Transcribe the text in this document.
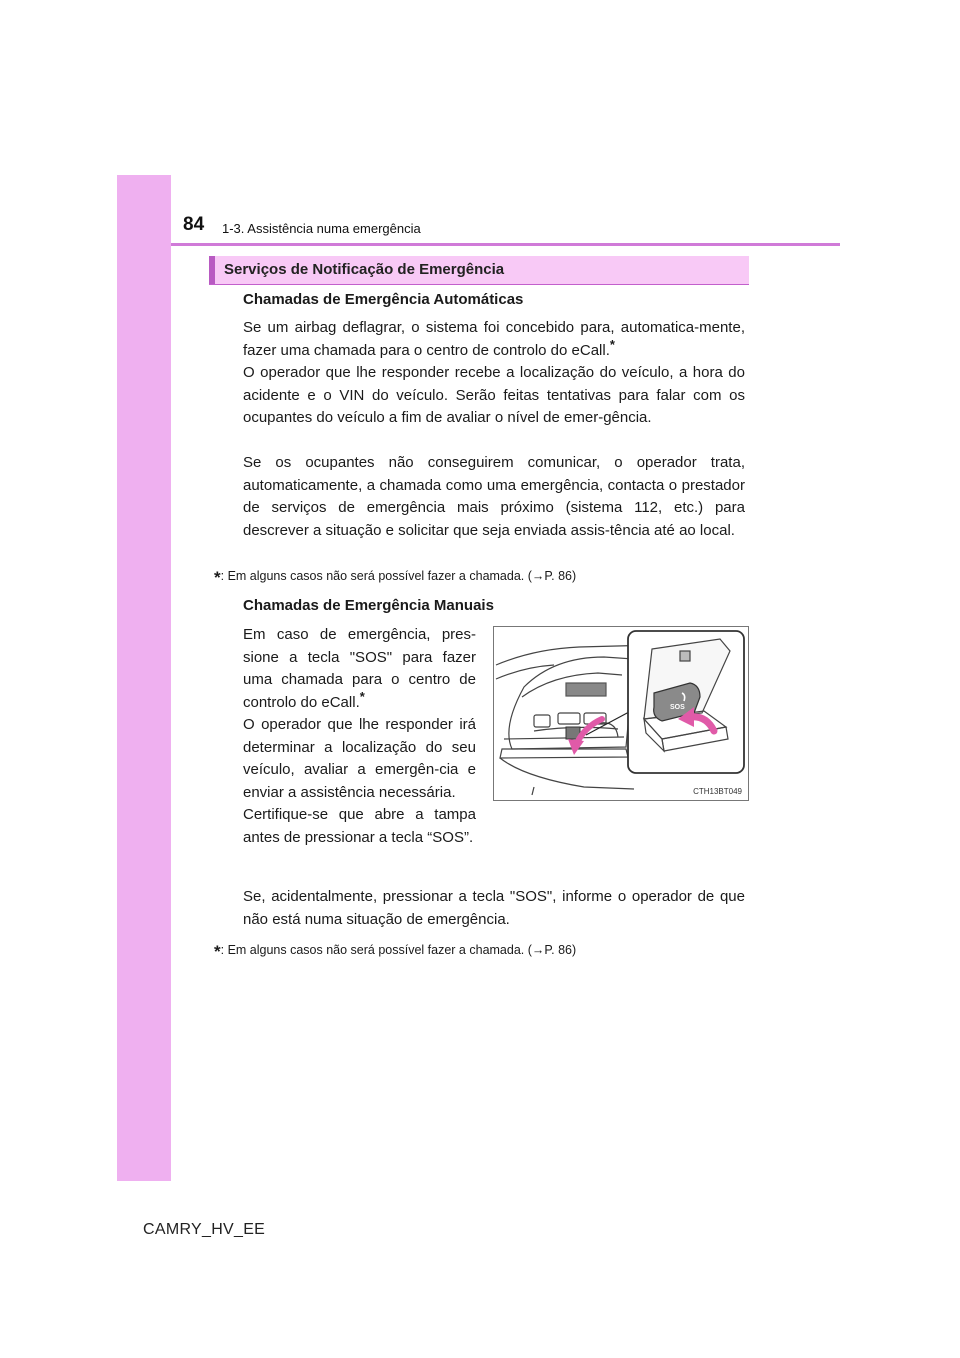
84 1-3. Assistência numa emergência
Serviços de Notificação de Emergência
Chamadas de Emergência Automáticas
Se um airbag deflagrar, o sistema foi concebido para, automatica-mente, fazer uma chamada para o centro de controlo do eCall.*
O operador que lhe responder recebe a localização do veículo, a hora do acidente e o VIN do veículo. Serão feitas tentativas para falar com os ocupantes do veículo a fim de avaliar o nível de emer-gência.
Se os ocupantes não conseguirem comunicar, o operador trata, automaticamente, a chamada como uma emergência, contacta o prestador de serviços de emergência mais próximo (sistema 112, etc.) para descrever a situação e solicitar que seja enviada assis-tência até ao local.
*: Em alguns casos não será possível fazer a chamada. (→P. 86)
Chamadas de Emergência Manuais
Em caso de emergência, pres-sione a tecla "SOS" para fazer uma chamada para o centro de controlo do eCall.*
O operador que lhe responder irá determinar a localização do seu veículo, avaliar a emergên-cia e enviar a assistência necessária.
Certifique-se que abre a tampa antes de pressionar a tecla “SOS”.
SOS
CTH13BT049
Se, acidentalmente, pressionar a tecla "SOS", informe o operador de que não está numa situação de emergência.
*: Em alguns casos não será possível fazer a chamada. (→P. 86)
CAMRY_HV_EE
